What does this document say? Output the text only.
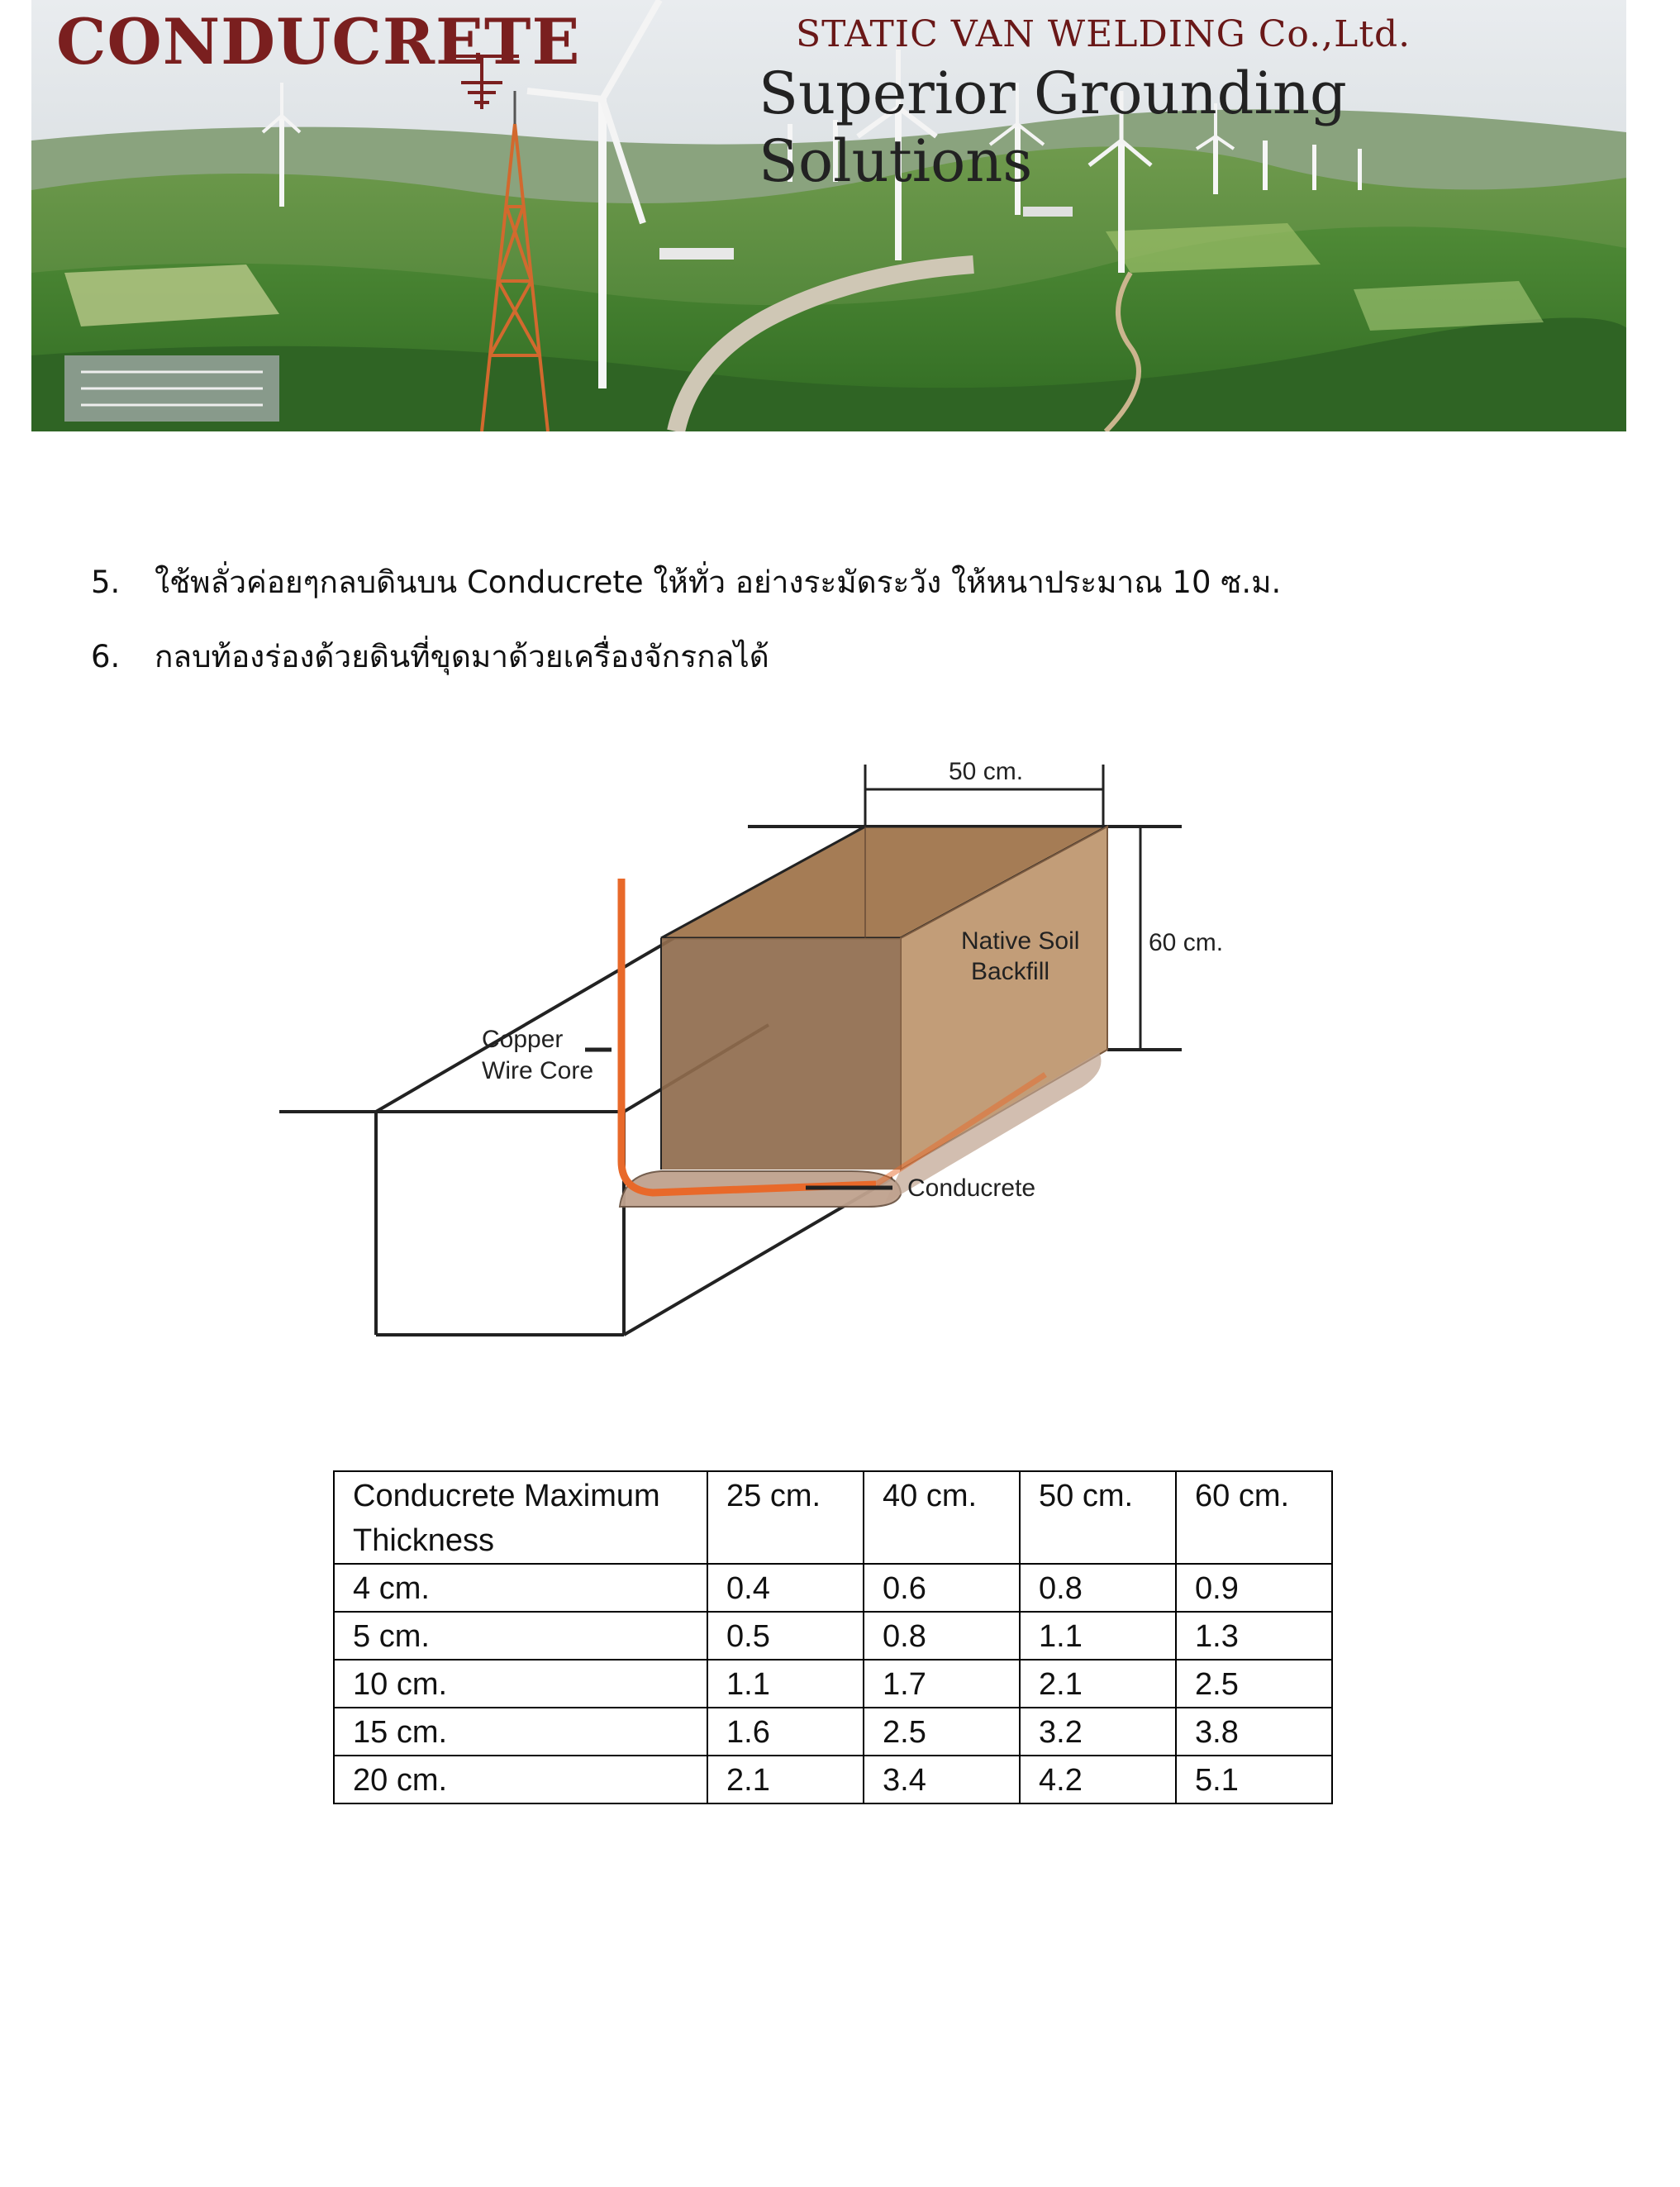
CONDUCRETE	STATIC VAN WELDING Co.,Ltd.
Superior Grounding Solutions
5.	ใช้พลั่วค่อยๆกลบดินบน Conducrete ให้ทั่ว อย่างระมัดระวัง ให้หนาประมาณ 10 ซ.ม.
6.	กลบท้องร่องด้วยดินที่ขุดมาด้วยเครื่องจักรกลได้
50 cm.
60 cm.
Native Soil
Backfill
Copper
Wire Core
Conducrete
Conducrete Maximum Thickness	25 cm.	40 cm.	50 cm.	60 cm.
4 cm.	0.4	0.6	0.8	0.9
5 cm.	0.5	0.8	1.1	1.3
10 cm.	1.1	1.7	2.1	2.5
15 cm.	1.6	2.5	3.2	3.8
20 cm.	2.1	3.4	4.2	5.1
